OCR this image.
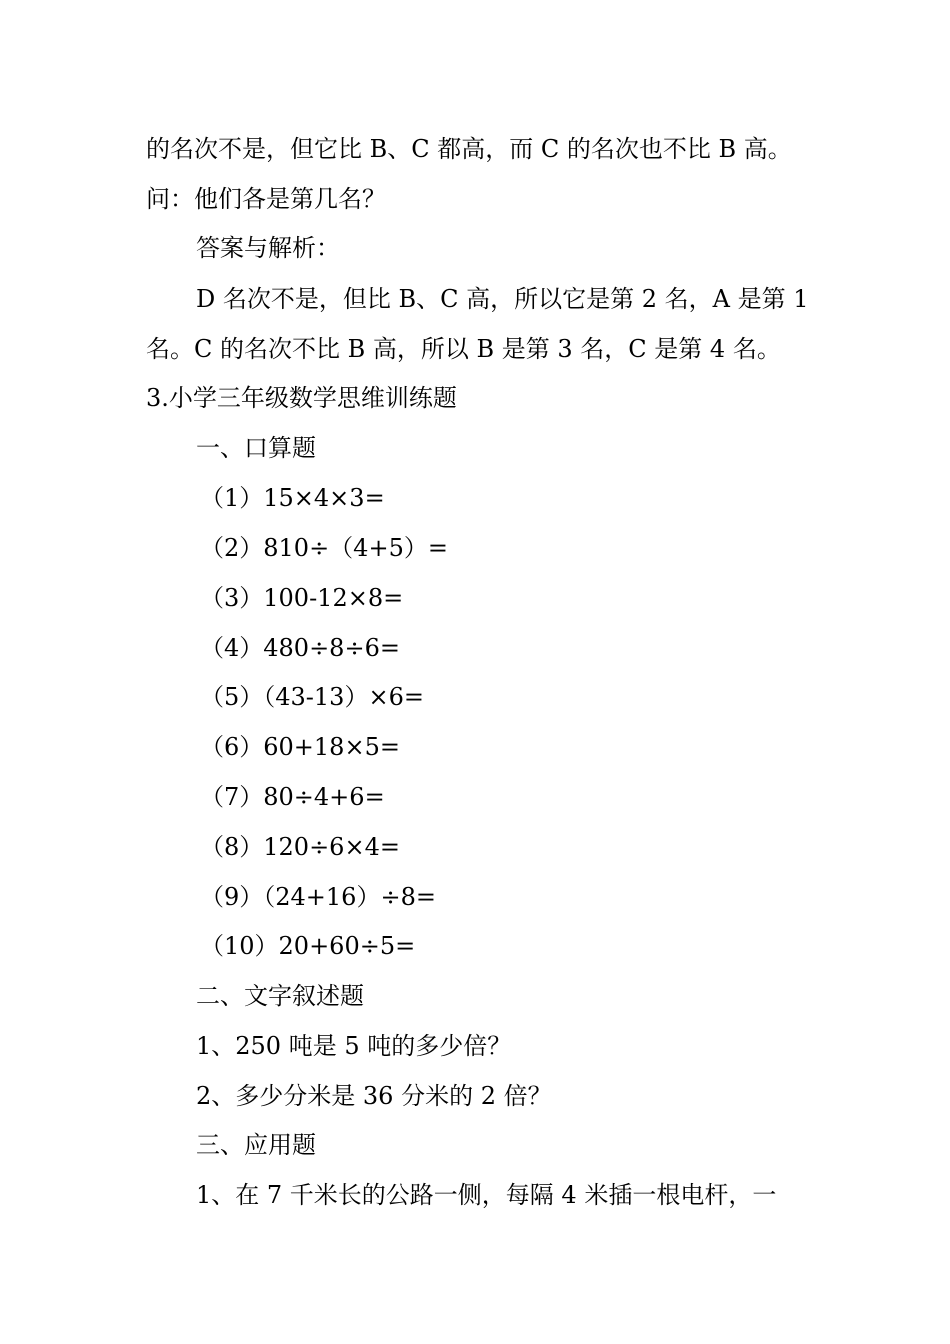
的名次不是，但它比 B、C 都高，而 C 的名次也不比 B 高。
问：他们各是第几名？
答案与解析：
D 名次不是，但比 B、C 高，所以它是第 2 名，A 是第 1
名。C 的名次不比 B 高，所以 B 是第 3 名，C 是第 4 名。
3.小学三年级数学思维训练题
一、口算题
（1）15×4×3=
（2）810÷（4+5）=
（3）100-12×8=
（4）480÷8÷6=
（5）（43-13）×6=
（6）60+18×5=
（7）80÷4+6=
（8）120÷6×4=
（9）（24+16）÷8=
（10）20+60÷5=
二、文字叙述题
1、250 吨是 5 吨的多少倍？
2、多少分米是 36 分米的 2 倍？
三、应用题
1、在 7 千米长的公路一侧，每隔 4 米插一根电杆，一
